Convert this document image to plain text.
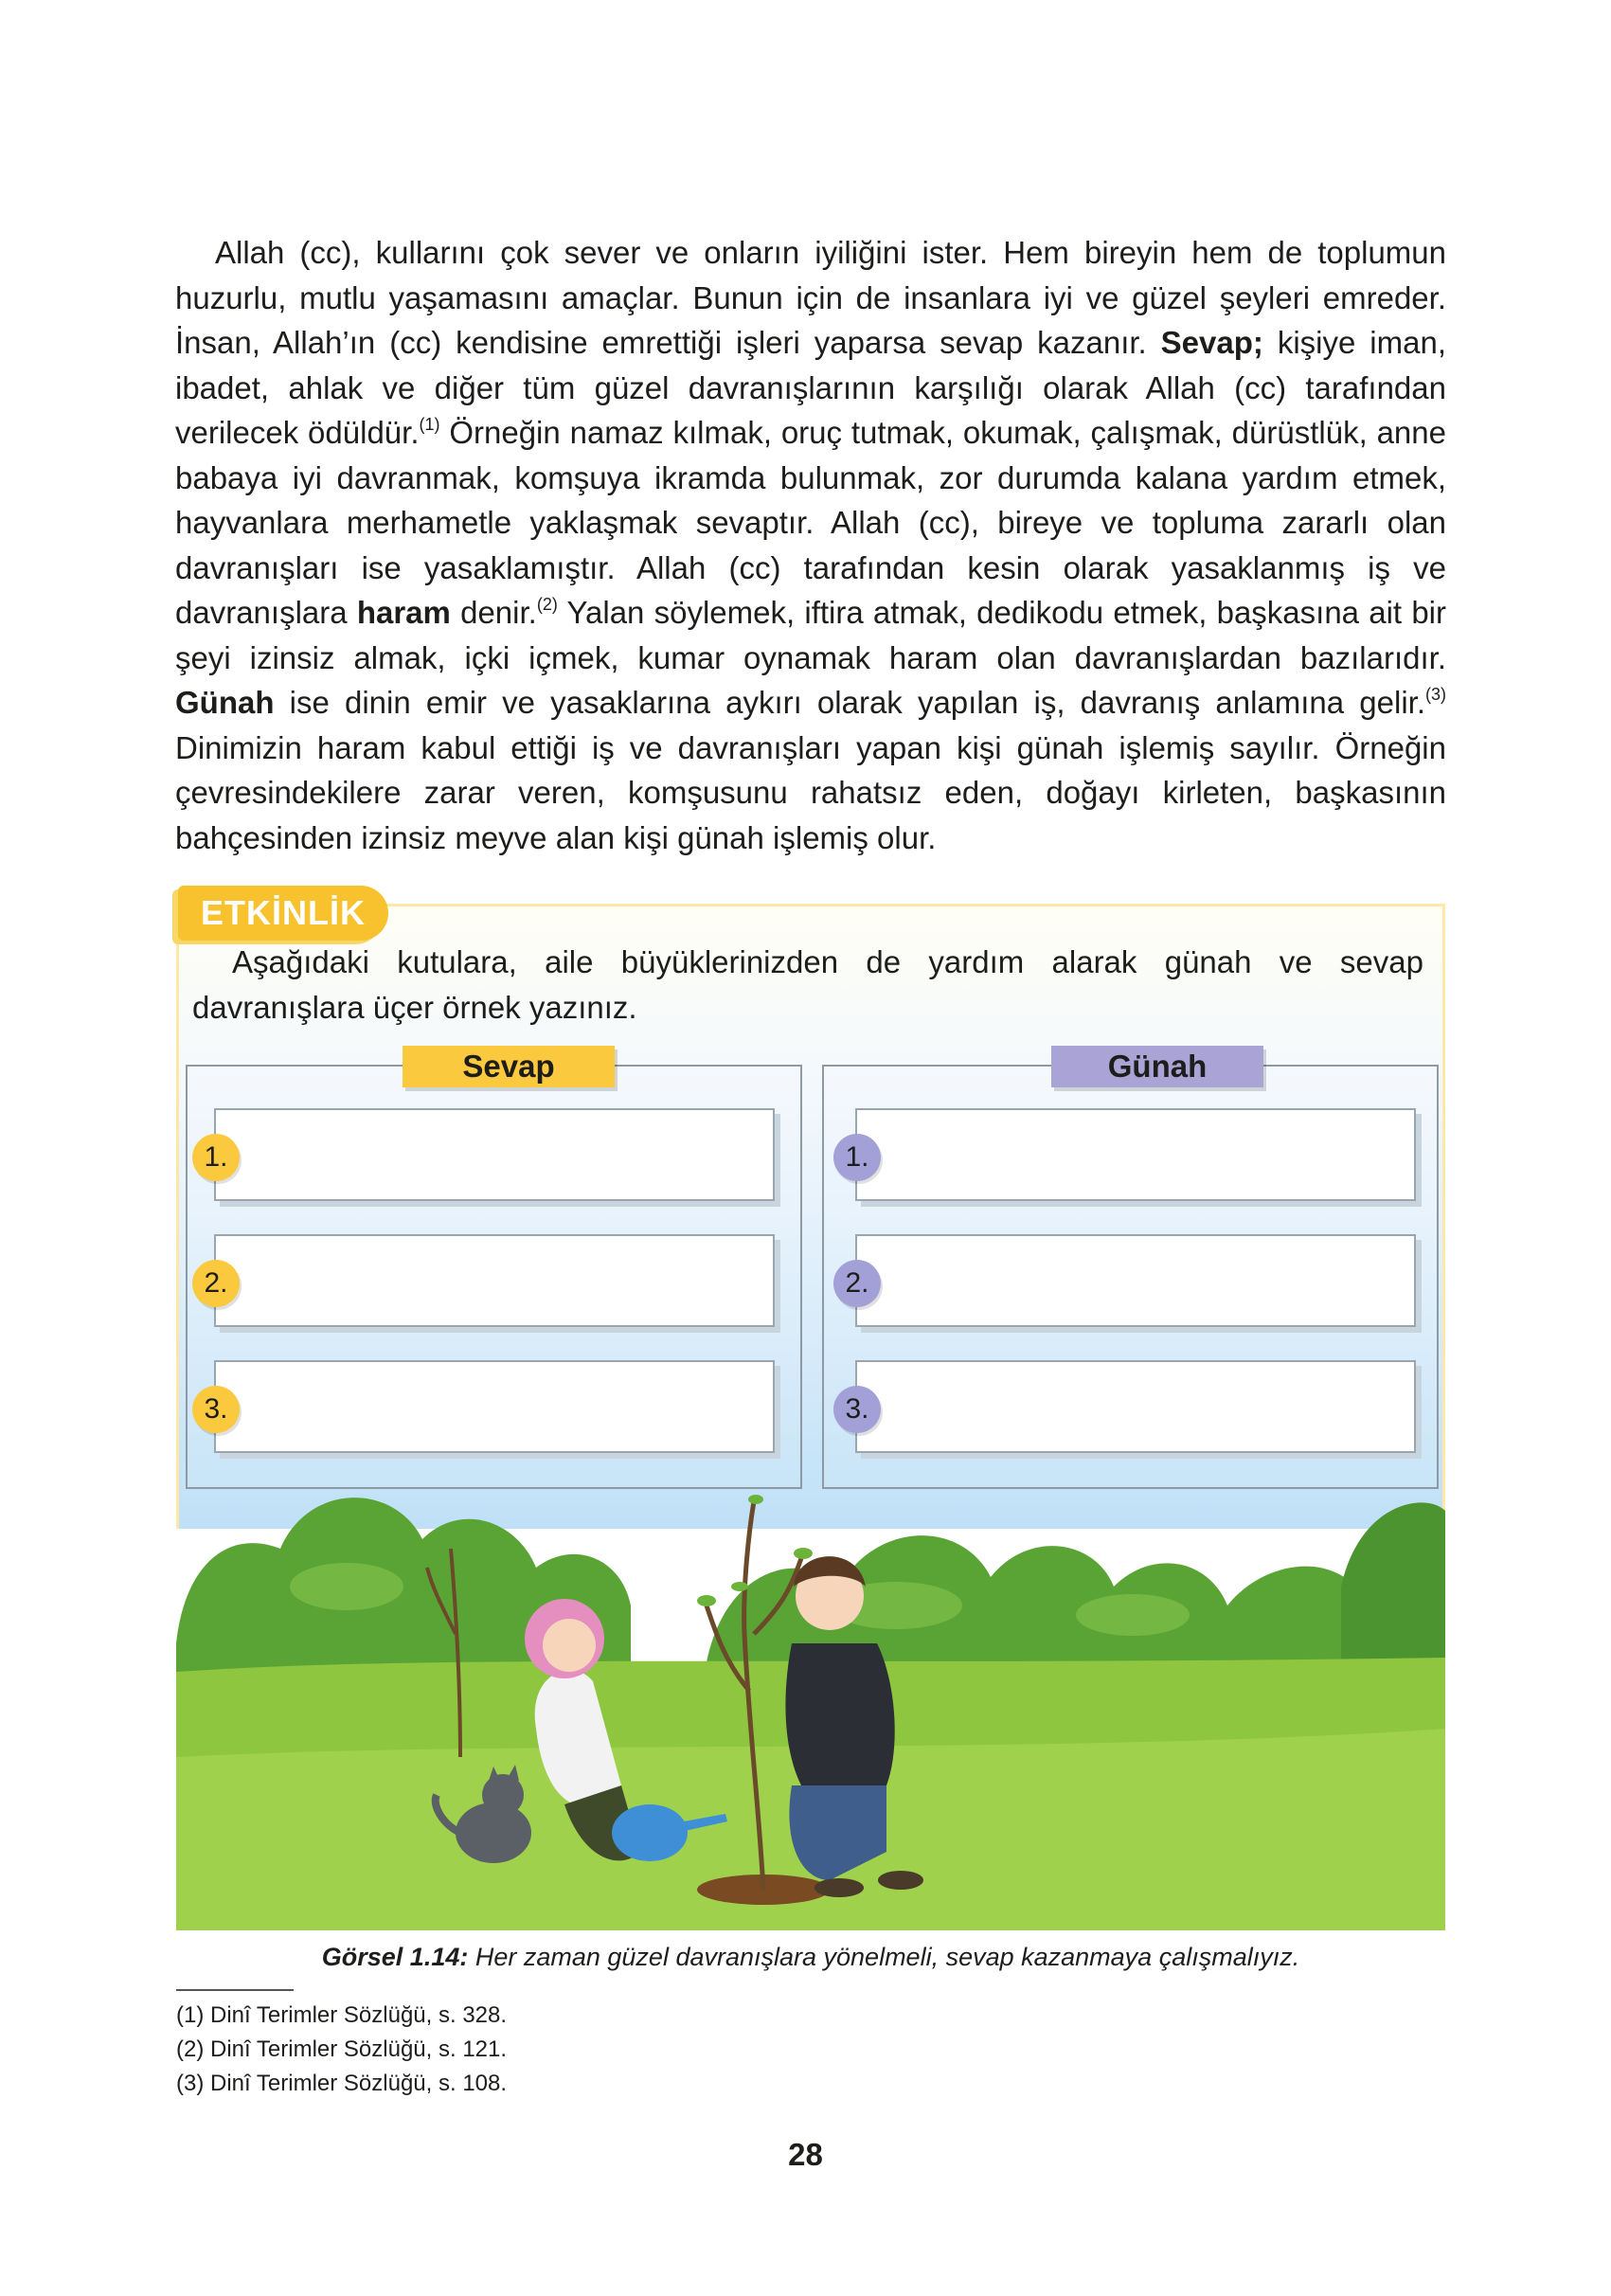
Allah (cc), kullarını çok sever ve onların iyiliğini ister. Hem bireyin hem de toplumun huzurlu, mutlu yaşamasını amaçlar. Bunun için de insanlara iyi ve güzel şeyleri emreder. İnsan, Allah’ın (cc) kendisine emrettiği işleri yaparsa sevap kazanır. Sevap; kişiye iman, ibadet, ahlak ve diğer tüm güzel davranışlarının karşılığı olarak Allah (cc) tarafından verilecek ödüldür.$^{(1)}$ Örneğin namaz kılmak, oruç tutmak, okumak, çalışmak, dürüstlük, anne babaya iyi davranmak, komşuya ikramda bulunmak, zor durumda kalana yardım etmek, hayvanlara merhametle yaklaşmak sevaptır. Allah (cc), bireye ve topluma zararlı olan davranışları ise yasaklamıştır. Allah (cc) tarafından kesin olarak yasaklanmış iş ve davranışlara haram denir.$^{(2)}$ Yalan söylemek, iftira atmak, dedikodu etmek, başkasına ait bir şeyi izinsiz almak, içki içmek, kumar oynamak haram olan davranışlardan bazılarıdır. Günah ise dinin emir ve yasaklarına aykırı olarak yapılan iş, davranış anlamına gelir.$^{(3)}$ Dinimizin haram kabul ettiği iş ve davranışları yapan kişi günah işlemiş sayılır. Örneğin çevresindekilere zarar veren, komşusunu rahatsız eden, doğayı kirleten, başkasının bahçesinden izinsiz meyve alan kişi günah işlemiş olur.

ETKİNLİK

Aşağıdaki kutulara, aile büyüklerinizden de yardım alarak günah ve sevap davranışlara üçer örnek yazınız.

Sevap	Günah
1.
2.
3.
1.
2.
3.
Görsel 1.14: Her zaman güzel davranışlara yönelmeli, sevap kazanmaya çalışmalıyız.
(1) Dinî Terimler Sözlüğü, s. 328.
(2) Dinî Terimler Sözlüğü, s. 121.
(3) Dinî Terimler Sözlüğü, s. 108.
28
